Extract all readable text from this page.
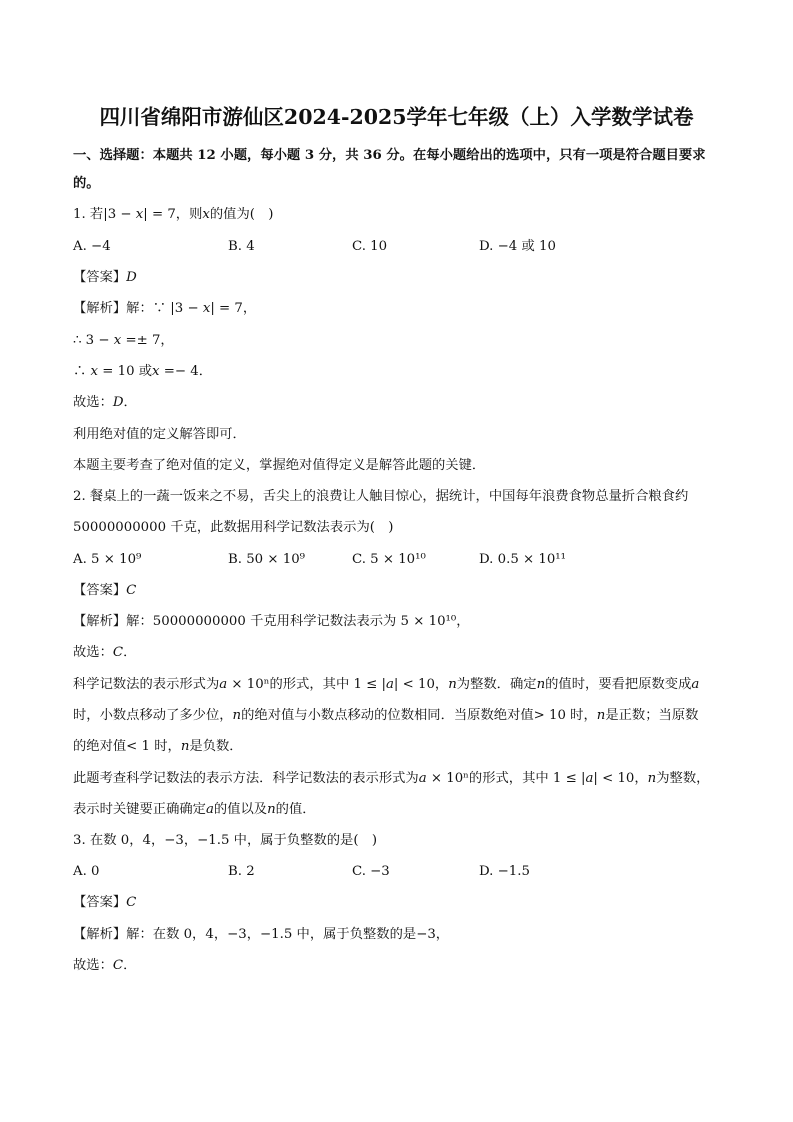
四川省绵阳市游仙区2024-2025学年七年级（上）入学数学试卷
一、选择题：本题共 12 小题，每小题 3 分，共 36 分。在每小题给出的选项中，只有一项是符合题目要求
的。
1. 若|3 − 𝑥| = 7，则𝑥的值为( )
A. −4	B. 4	C. 10	D. −4 或 10
【答案】𝐷
【解析】解：∵ |3 − 𝑥| = 7，
∴ 3 − 𝑥 =± 7，
∴ 𝑥 = 10 或𝑥 =− 4．
故选：𝐷．
利用绝对值的定义解答即可．
本题主要考查了绝对值的定义，掌握绝对值得定义是解答此题的关键．
2. 餐桌上的一蔬一饭来之不易，舌尖上的浪费让人触目惊心，据统计，中国每年浪费食物总量折合粮食约
50000000000 千克，此数据用科学记数法表示为( )
A. 5 × 10⁹	B. 50 × 10⁹	C. 5 × 10¹⁰	D. 0.5 × 10¹¹
【答案】𝐶
【解析】解：50000000000 千克用科学记数法表示为 5 × 10¹⁰，
故选：𝐶．
科学记数法的表示形式为𝑎 × 10ⁿ的形式，其中 1 ≤ |𝑎| < 10，𝑛为整数．确定𝑛的值时，要看把原数变成𝑎
时，小数点移动了多少位，𝑛的绝对值与小数点移动的位数相同．当原数绝对值> 10 时，𝑛是正数；当原数
的绝对值< 1 时，𝑛是负数．
此题考查科学记数法的表示方法．科学记数法的表示形式为𝑎 × 10ⁿ的形式，其中 1 ≤ |𝑎| < 10，𝑛为整数，
表示时关键要正确确定𝑎的值以及𝑛的值．
3. 在数 0，4，−3，−1.5 中，属于负整数的是( )
A. 0	B. 2	C. −3	D. −1.5
【答案】𝐶
【解析】解：在数 0，4，−3，−1.5 中，属于负整数的是−3，
故选：𝐶．
